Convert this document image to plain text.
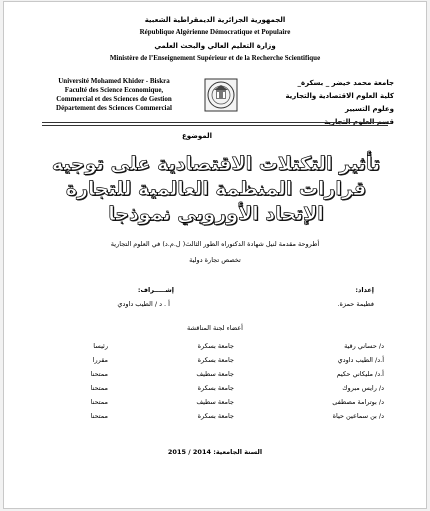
الجمهورية الجزائرية الديمقراطية الشعبية
République Algérienne Démocratique et Populaire
وزارة التعليم العالي والبحث العلمي
Ministère de l’Enseignement Supérieur et de la Recherche Scientifique
Université Mohamed Khider - Biskra
Faculté des Science Economique,
Commercial et des Sciences de Gestion
Département des Sciences Commercial
جامعة محمد خيضر _ بسكرة_
كلية العلوم الاقتصادية والتجارية وعلوم التسيير
قسم العلوم التجارية
الموضوع
تأثير التكتلات الاقتصادية على توجيه
قرارات المنظمة العالمية للتجارة
الإتحاد الأوروبي نموذجا
أطروحة مقدمة لنيل شهادة الدكتوراه الطور الثالث( ل.م.د) في العلوم التجارية
تخصص تجارة دولية
إعداد:
إشـــــراف:
فطيمة حمزة.
أ . د / الطيب داودي
أعضاء لجنة المناقشة
د/ حساني رقية
جامعة بسكرة
رئيسا
أ.د/ الطيب داودي
جامعة بسكرة
مقررا
أ.د/ مليكاني حكيم
جامعة سطيف
ممتحنا
د/ رايس مبروك
جامعة بسكرة
ممتحنا
د/ بوترامة مصطفى
جامعة سطيف
ممتحنا
د/ بن سماعين حياة
جامعة بسكرة
ممتحنا
السنة الجامعية: 2014 / 2015
